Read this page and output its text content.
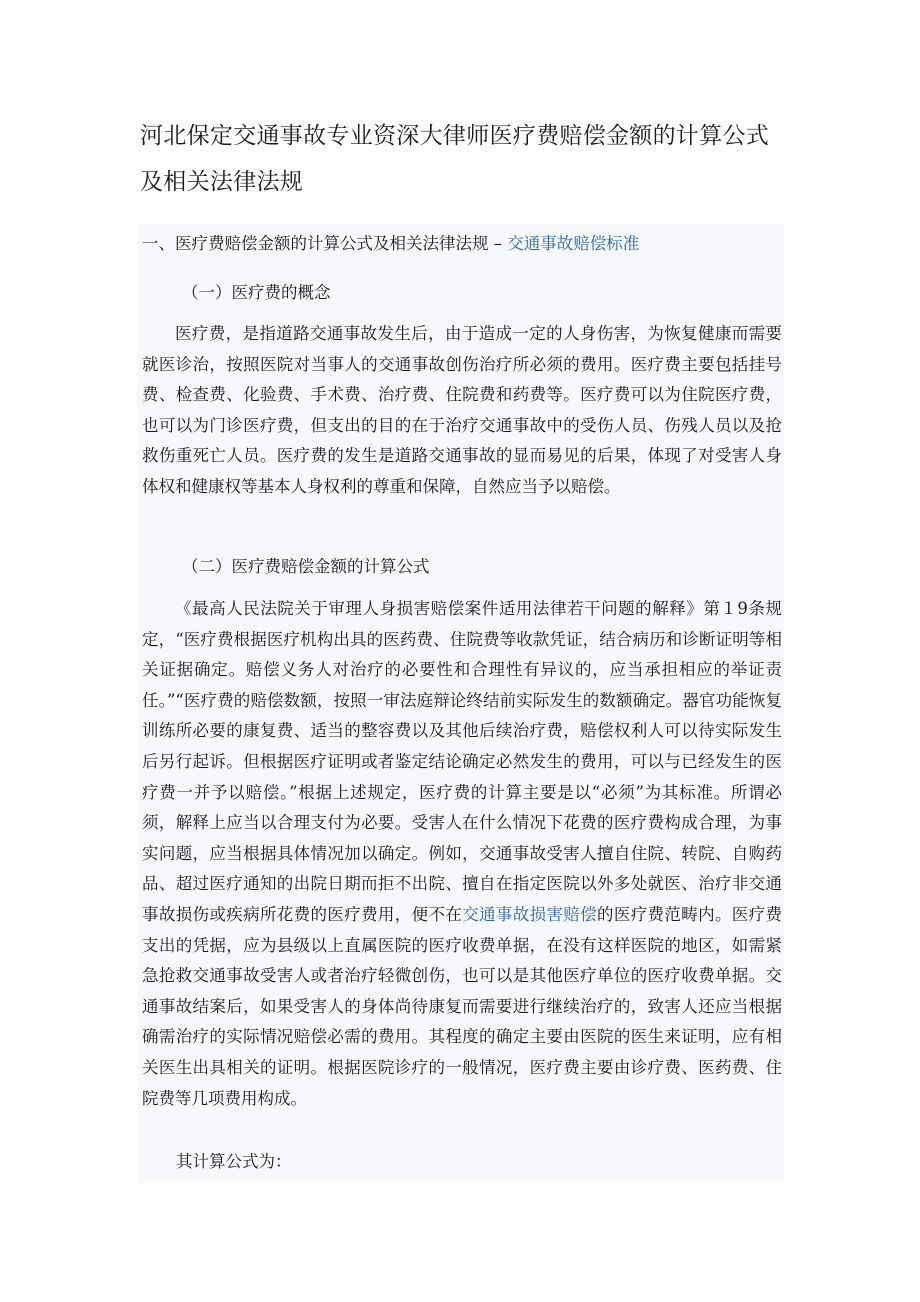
河北保定交通事故专业资深大律师医疗费赔偿金额的计算公式及相关法律法规

一、医疗费赔偿金额的计算公式及相关法律法规 – 交通事故赔偿标准

（一）医疗费的概念

医疗费，是指道路交通事故发生后，由于造成一定的人身伤害，为恢复健康而需要就医诊治，按照医院对当事人的交通事故创伤治疗所必须的费用。医疗费主要包括挂号费、检查费、化验费、手术费、治疗费、住院费和药费等。医疗费可以为住院医疗费，也可以为门诊医疗费，但支出的目的在于治疗交通事故中的受伤人员、伤残人员以及抢救伤重死亡人员。医疗费的发生是道路交通事故的显而易见的后果，体现了对受害人身体权和健康权等基本人身权利的尊重和保障，自然应当予以赔偿。

（二）医疗费赔偿金额的计算公式

《最高人民法院关于审理人身损害赔偿案件适用法律若干问题的解释》第１9条规定，“医疗费根据医疗机构出具的医药费、住院费等收款凭证，结合病历和诊断证明等相关证据确定。赔偿义务人对治疗的必要性和合理性有异议的，应当承担相应的举证责任。”“医疗费的赔偿数额，按照一审法庭辩论终结前实际发生的数额确定。器官功能恢复训练所必要的康复费、适当的整容费以及其他后续治疗费，赔偿权利人可以待实际发生后另行起诉。但根据医疗证明或者鉴定结论确定必然发生的费用，可以与已经发生的医疗费一并予以赔偿。”根据上述规定，医疗费的计算主要是以“必须”为其标准。所谓必须，解释上应当以合理支付为必要。受害人在什么情况下花费的医疗费构成合理，为事实问题，应当根据具体情况加以确定。例如，交通事故受害人擅自住院、转院、自购药品、超过医疗通知的出院日期而拒不出院、擅自在指定医院以外多处就医、治疗非交通事故损伤或疾病所花费的医疗费用，便不在交通事故损害赔偿的医疗费范畴内。医疗费支出的凭据，应为县级以上直属医院的医疗收费单据，在没有这样医院的地区，如需紧急抢救交通事故受害人或者治疗轻微创伤，也可以是其他医疗单位的医疗收费单据。交通事故结案后，如果受害人的身体尚待康复而需要进行继续治疗的，致害人还应当根据确需治疗的实际情况赔偿必需的费用。其程度的确定主要由医院的医生来证明，应有相关医生出具相关的证明。根据医院诊疗的一般情况，医疗费主要由诊疗费、医药费、住院费等几项费用构成。

其计算公式为：
